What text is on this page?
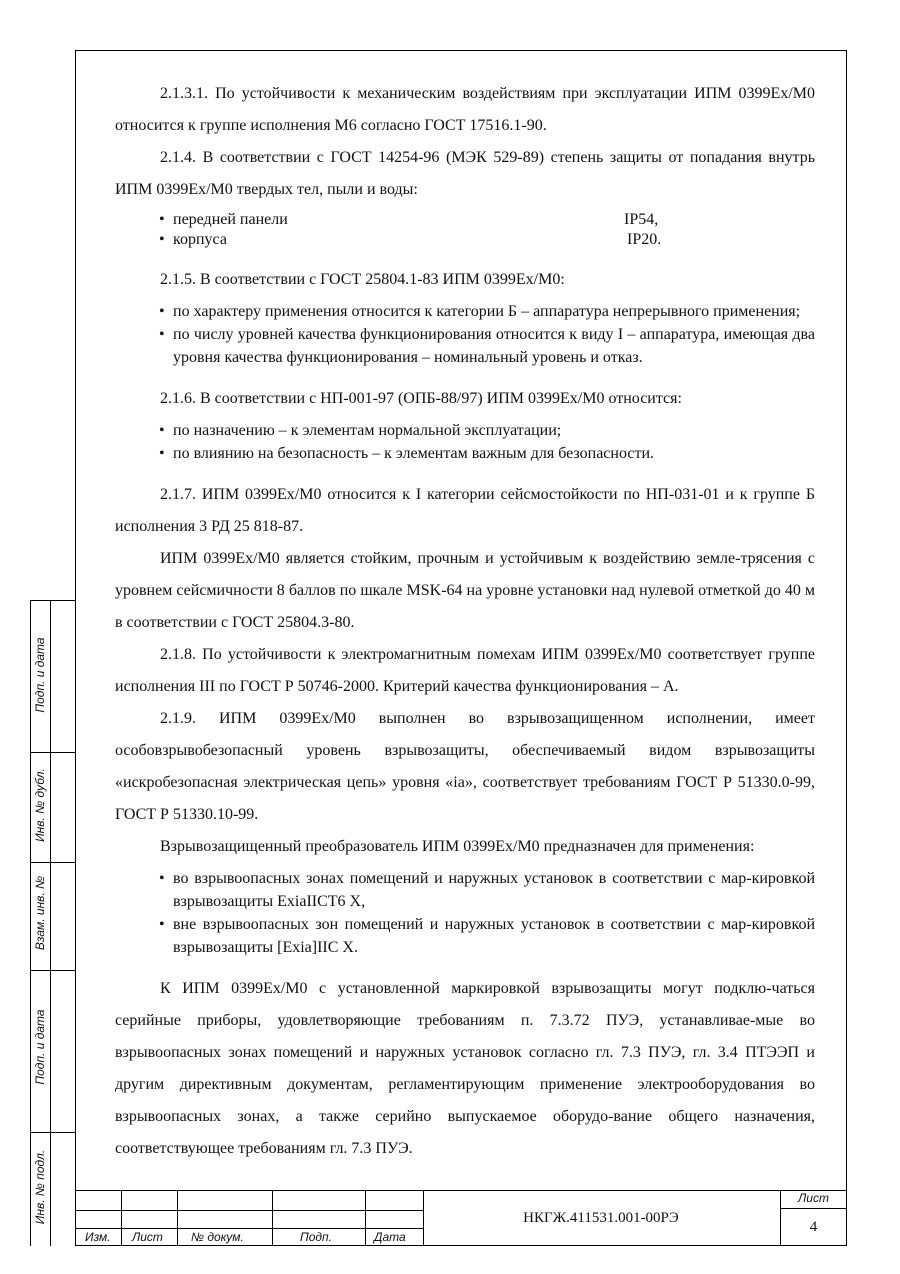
2.1.3.1. По устойчивости к механическим воздействиям при эксплуатации ИПМ 0399Ex/M0 относится к группе исполнения М6 согласно ГОСТ 17516.1-90.

2.1.4. В соответствии с ГОСТ 14254-96 (МЭК 529-89) степень защиты от попадания внутрь ИПМ 0399Ex/M0 твердых тел, пыли и воды:

• передней панели	IP54,
• корпуса	IP20.

2.1.5. В соответствии с ГОСТ 25804.1-83 ИПМ 0399Ex/M0:

• по характеру применения относится к категории Б – аппаратура непрерывного применения;
• по числу уровней качества функционирования относится к виду I – аппаратура, имеющая два уровня качества функционирования – номинальный уровень и отказ.

2.1.6. В соответствии с НП-001-97 (ОПБ-88/97) ИПМ 0399Ex/M0 относится:

• по назначению – к элементам нормальной эксплуатации;
• по влиянию на безопасность – к элементам важным для безопасности.

2.1.7. ИПМ 0399Ex/M0 относится к I категории сейсмостойкости по НП-031-01 и к группе Б исполнения 3 РД 25 818-87.

ИПМ 0399Ex/M0 является стойким, прочным и устойчивым к воздействию земле-трясения с уровнем сейсмичности 8 баллов по шкале MSK-64 на уровне установки над нулевой отметкой до 40 м в соответствии с ГОСТ 25804.3-80.

2.1.8. По устойчивости к электромагнитным помехам ИПМ 0399Ex/M0 соответствует группе исполнения III по ГОСТ Р 50746-2000. Критерий качества функционирования – А.

2.1.9. ИПМ 0399Ex/M0 выполнен во взрывозащищенном исполнении, имеет особовзрывобезопасный уровень взрывозащиты, обеспечиваемый видом взрывозащиты «искробезопасная электрическая цепь» уровня «ia», соответствует требованиям ГОСТ Р 51330.0-99, ГОСТ Р 51330.10-99.

Взрывозащищенный преобразователь ИПМ 0399Ex/M0 предназначен для применения:

• во взрывоопасных зонах помещений и наружных установок в соответствии с мар-кировкой взрывозащиты ExiaIICT6 X,
• вне взрывоопасных зон помещений и наружных установок в соответствии с мар-кировкой взрывозащиты [Exia]IIC X.

К ИПМ 0399Ex/M0 с установленной маркировкой взрывозащиты могут подклю-чаться серийные приборы, удовлетворяющие требованиям п. 7.3.72 ПУЭ, устанавливае-мые во взрывоопасных зонах помещений и наружных установок согласно гл. 7.3 ПУЭ, гл. 3.4 ПТЭЭП и другим директивным документам, регламентирующим применение электрооборудования во взрывоопасных зонах, а также серийно выпускаемое оборудо-вание общего назначения, соответствующее требованиям гл. 7.3 ПУЭ.

Подп. и дата
Инв. № дубл.
Взам. инв. №
Подп. и дата
Инв. № подл.
Изм. Лист № докум.	Подп.	Дата
НКГЖ.411531.001-00РЭ
Лист
4
